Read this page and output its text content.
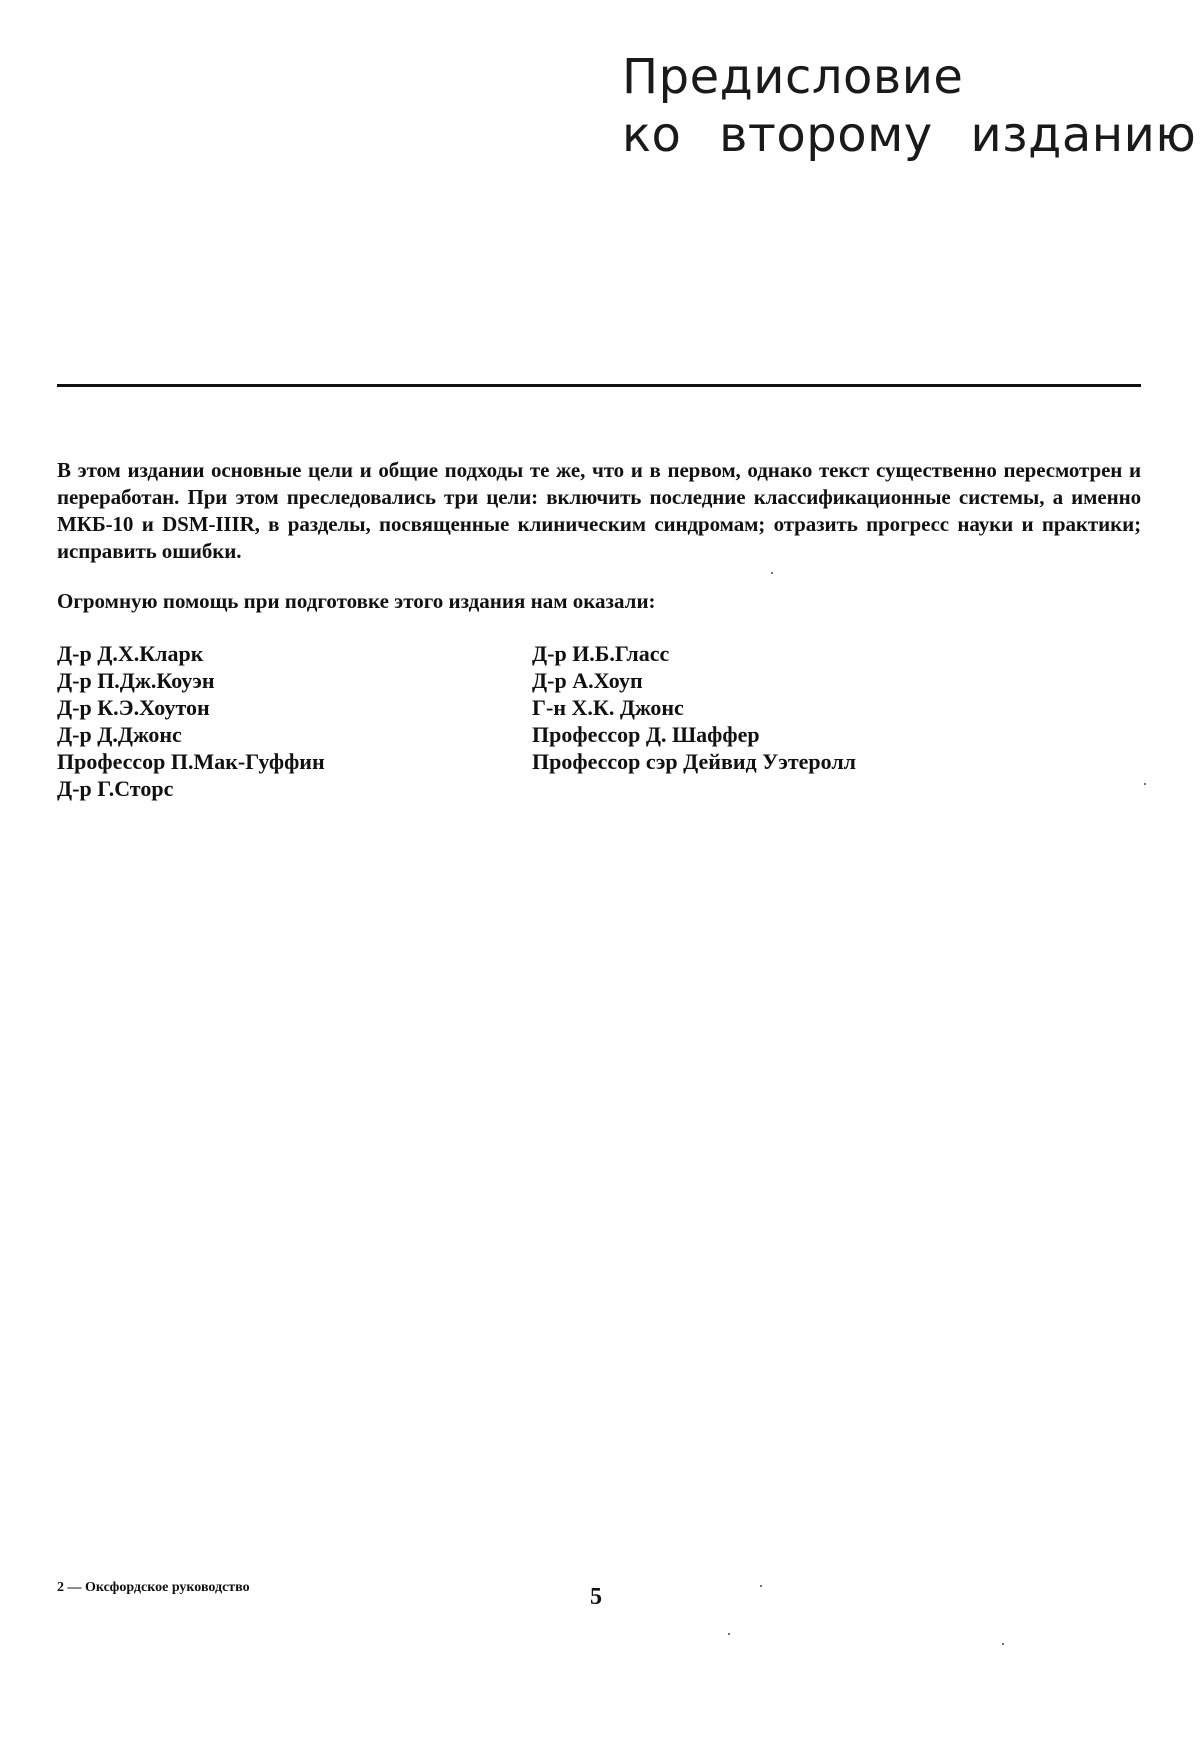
Предисловие
ко второму изданию

В этом издании основные цели и общие подходы те же, что и в первом, однако текст существенно пересмотрен и переработан. При этом преследовались три цели: включить последние классификационные системы, а именно МКБ-10 и DSM-IIIR, в разделы, посвященные клиническим синдромам; отразить прогресс науки и практики; исправить ошибки.

Огромную помощь при подготовке этого издания нам оказали:

Д-р Д.Х.Кларк
Д-р П.Дж.Коуэн
Д-р К.Э.Хоутон
Д-р Д.Джонс
Профессор П.Мак-Гуффин
Д-р Г.Сторс
Д-р И.Б.Гласс
Д-р А.Хоуп
Г-н Х.К. Джонс
Профессор Д. Шаффер
Профессор сэр Дейвид Уэтеролл
2 — Оксфордское руководство	5
